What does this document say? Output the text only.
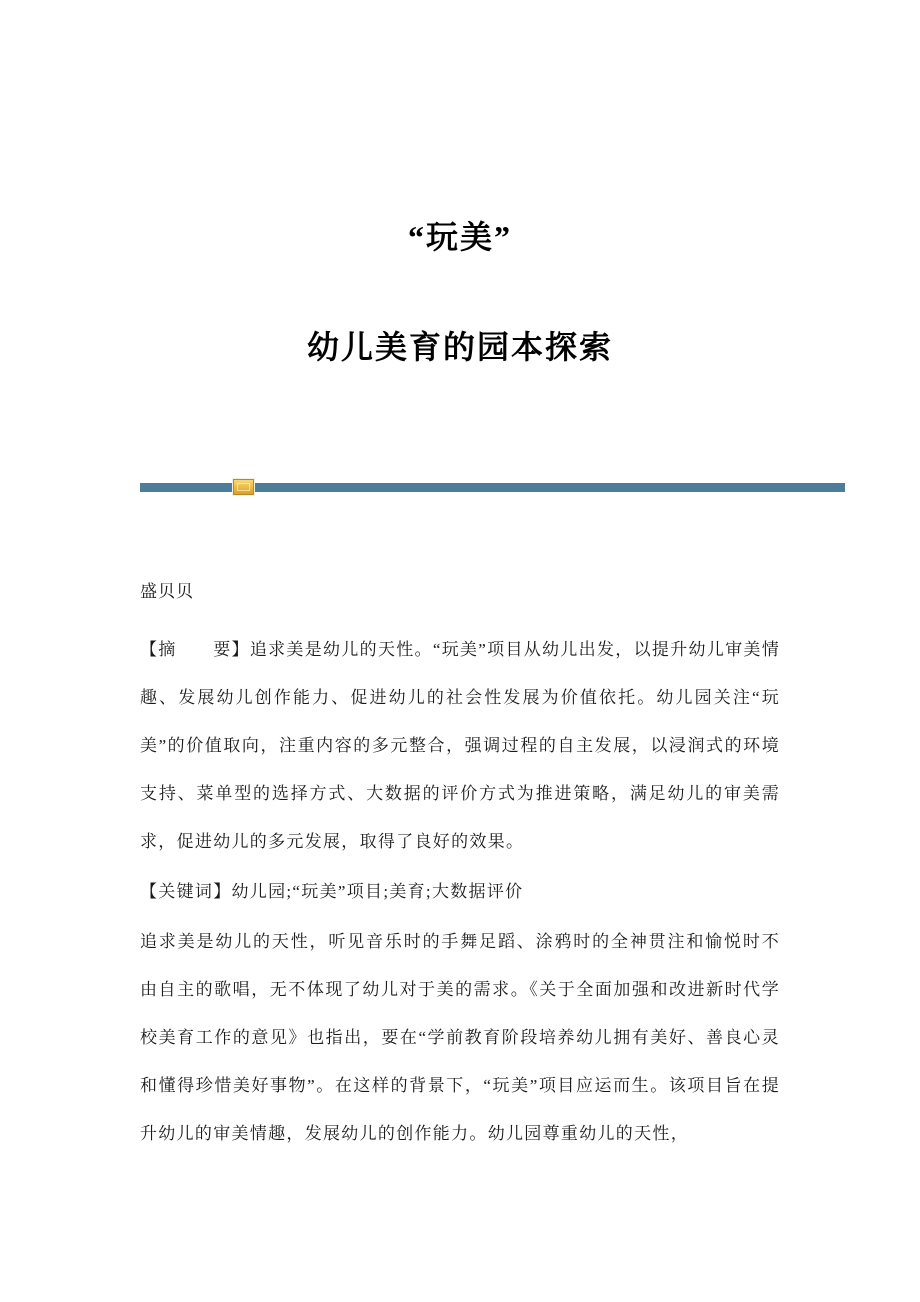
“玩美”
幼儿美育的园本探索
盛贝贝

【摘　　要】追求美是幼儿的天性。“玩美”项目从幼儿出发，以提升幼儿审美情趣、发展幼儿创作能力、促进幼儿的社会性发展为价值依托。幼儿园关注“玩美”的价值取向，注重内容的多元整合，强调过程的自主发展，以浸润式的环境支持、菜单型的选择方式、大数据的评价方式为推进策略，满足幼儿的审美需求，促进幼儿的多元发展，取得了良好的效果。

【关键词】幼儿园;“玩美”项目;美育;大数据评价

追求美是幼儿的天性，听见音乐时的手舞足蹈、涂鸦时的全神贯注和愉悦时不由自主的歌唱，无不体现了幼儿对于美的需求。《关于全面加强和改进新时代学校美育工作的意见》也指出，要在“学前教育阶段培养幼儿拥有美好、善良心灵和懂得珍惜美好事物”。在这样的背景下，“玩美”项目应运而生。该项目旨在提升幼儿的审美情趣，发展幼儿的创作能力。幼儿园尊重幼儿的天性，
